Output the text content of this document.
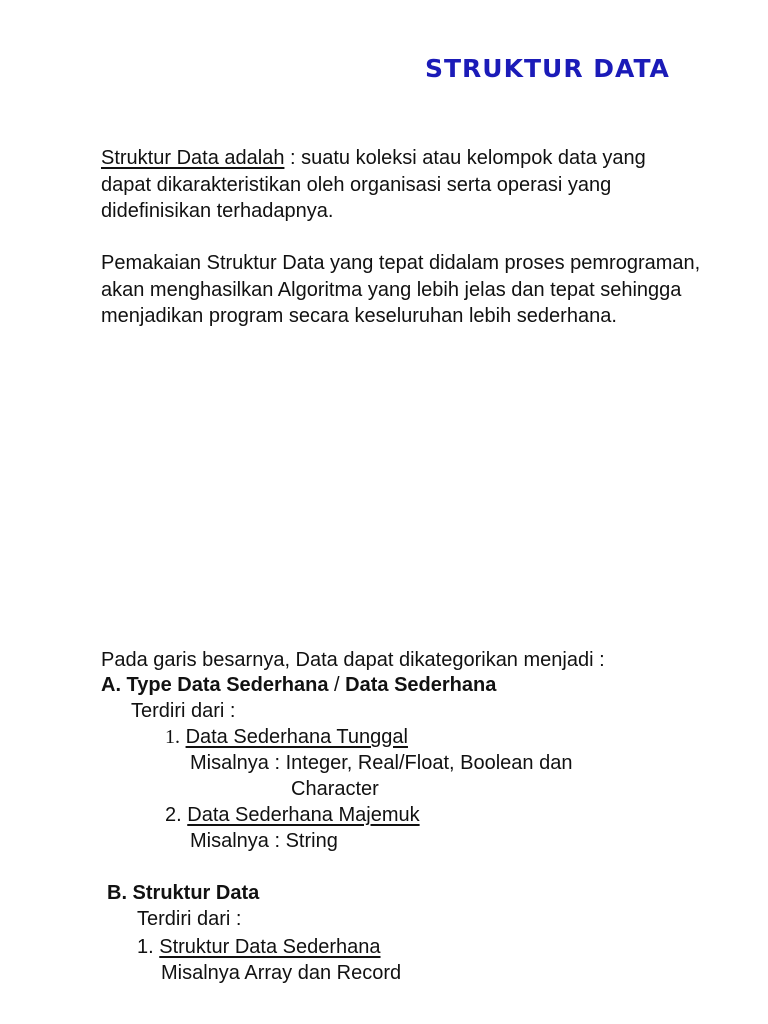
STRUKTUR DATA

Struktur Data adalah : suatu koleksi atau kelompok data yang dapat dikarakteristikan oleh organisasi serta operasi yang didefinisikan terhadapnya.

Pemakaian Struktur Data yang tepat didalam proses pemrograman, akan menghasilkan Algoritma yang lebih jelas dan tepat sehingga menjadikan program secara keseluruhan lebih sederhana.

Pada garis besarnya, Data dapat dikategorikan menjadi :
A. Type Data Sederhana / Data Sederhana
Terdiri dari :
1. Data Sederhana Tunggal
Misalnya : Integer, Real/Float, Boolean dan
Character
2. Data Sederhana Majemuk
Misalnya : String
B. Struktur Data
Terdiri dari :
1. Struktur Data Sederhana
Misalnya Array dan Record
